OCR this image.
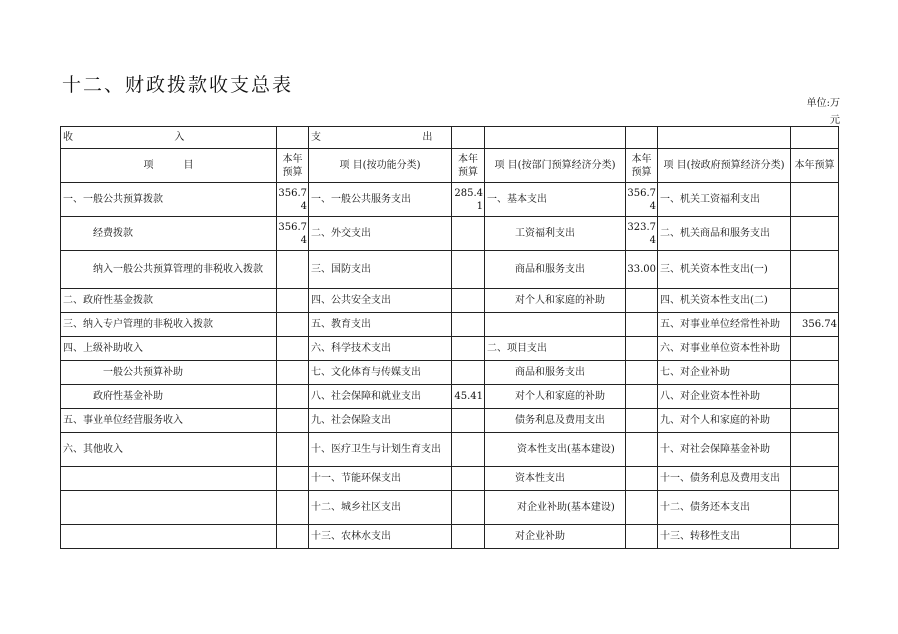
十二、财政拨款收支总表
单位:万元
收 入		支 出					
项　　　目	本年预算	项 目(按功能分类)	本年预算	项 目(按部门预算经济分类)	本年预算	项 目(按政府预算经济分类)	本年预算
一、一般公共预算拨款	356.74	一、一般公共服务支出	285.41	一、基本支出	356.74	一、机关工资福利支出	
经费拨款	356.74	二、外交支出		工资福利支出	323.74	二、机关商品和服务支出	
纳入一般公共预算管理的非税收入拨款		三、国防支出		商品和服务支出	33.00	三、机关资本性支出(一)	
二、政府性基金拨款		四、公共安全支出		对个人和家庭的补助		四、机关资本性支出(二)	
三、纳入专户管理的非税收入拨款		五、教育支出				五、对事业单位经常性补助	356.74
四、上级补助收入		六、科学技术支出		二、项目支出		六、对事业单位资本性补助	
一般公共预算补助		七、文化体育与传媒支出		商品和服务支出		七、对企业补助	
政府性基金补助		八、社会保障和就业支出	45.41	对个人和家庭的补助		八、对企业资本性补助	
五、事业单位经营服务收入		九、社会保险支出		债务利息及费用支出		九、对个人和家庭的补助	
六、其他收入		十、医疗卫生与计划生育支出		资本性支出(基本建设)		十、对社会保障基金补助	
		十一、节能环保支出		资本性支出		十一、债务利息及费用支出	
		十二、城乡社区支出		对企业补助(基本建设)		十二、债务还本支出	
		十三、农林水支出		对企业补助		十三、转移性支出	
